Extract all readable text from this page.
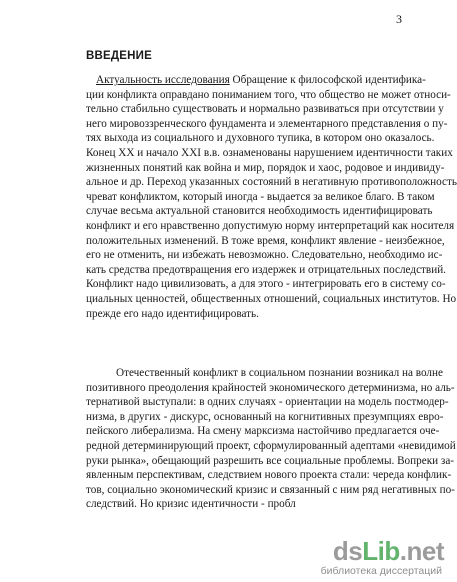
3
ВВЕДЕНИЕ
Актуальность исследования Обращение к философской идентифика-
ции конфликта оправдано пониманием того, что общество не может относи-
тельно стабильно существовать и нормально развиваться при отсутствии у
него мировоззренческого фундамента и элементарного представления о пу-
тях выхода из социального и духовного тупика, в котором оно оказалось.
Конец XX и начало XXI в.в. ознаменованы нарушением идентичности таких
жизненных понятий как война и мир, порядок и хаос, родовое и индивиду-
альное и др. Переход указанных состояний в негативную противоположность
чреват конфликтом, который иногда - выдается за великое благо. В таком
случае весьма актуальной становится необходимость идентифицировать
конфликт и его нравственно допустимую норму интерпретаций как носителя
положительных изменений. В тоже время, конфликт явление - неизбежное,
его не отменить, ни избежать невозможно. Следовательно, необходимо ис-
кать средства предотвращения его издержек и отрицательных последствий.
Конфликт надо цивилизовать, а для этого - интегрировать его в систему со-
циальных ценностей, общественных отношений, социальных институтов. Но
прежде его надо идентифицировать.
Отечественный конфликт в социальном познании возникал на волне
позитивного преодоления крайностей экономического детерминизма, но аль-
тернативой выступали: в одних случаях - ориентации на модель постмодер-
низма, в других - дискурс, основанный на когнитивных презумпциях евро-
пейского либерализма. На смену марксизма настойчиво предлагается оче-
редной детерминирующий проект, сформулированный адептами «невидимой
руки рынка», обещающий разрешить все социальные проблемы. Вопреки за-
явленным перспективам, следствием нового проекта стали: череда конфлик-
тов, социально экономический кризис и связанный с ним ряд негативных по-
следствий. Но кризис идентичности - пробл
dsLib.net
библиотека диссертаций
